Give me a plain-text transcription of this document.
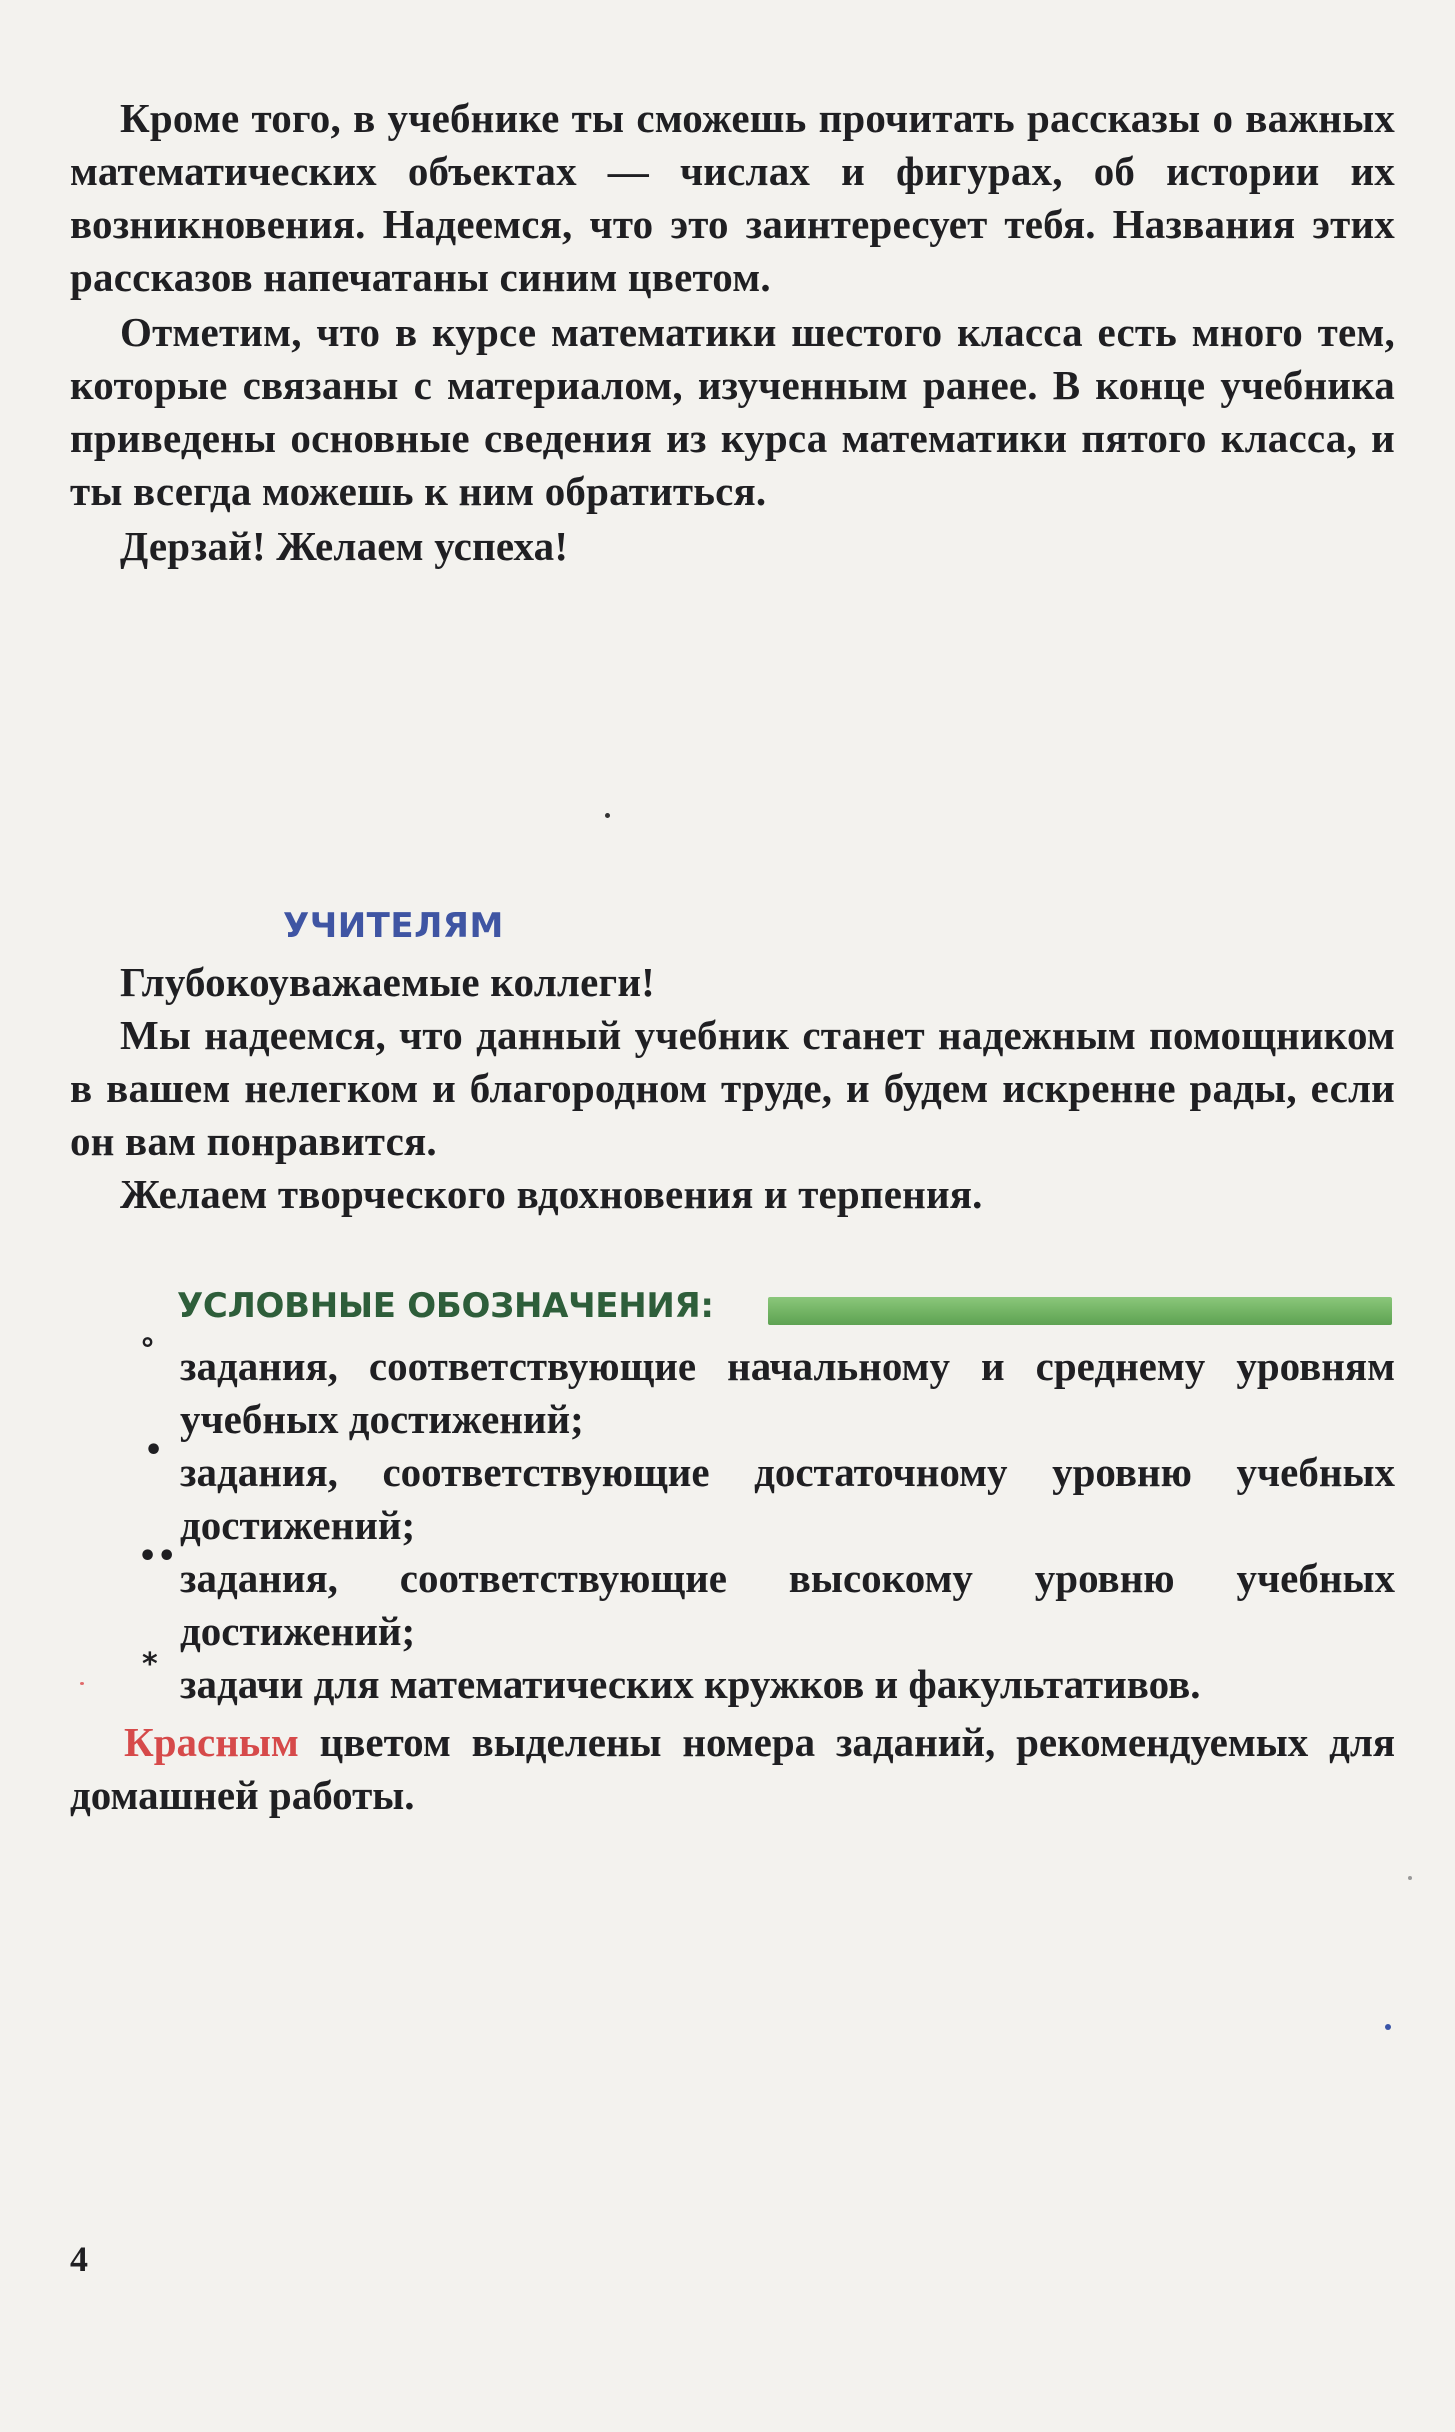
Кроме того, в учебнике ты сможешь прочитать рассказы о важных математических объектах — числах и фигурах, об истории их возникновения. Надеемся, что это заинтересует тебя. Названия этих рассказов напечатаны синим цветом.

Отметим, что в курсе математики шестого класса есть много тем, которые связаны с материалом, изученным ранее. В конце учебника приведены основные сведения из курса математики пятого класса, и ты всегда можешь к ним обратиться.

Дерзай! Желаем успеха!

УЧИТЕЛЯМ

Глубокоуважаемые коллеги!

Мы надеемся, что данный учебник станет надежным помощником в вашем нелегком и благородном труде, и будем искренне рады, если он вам понравится.

Желаем творческого вдохновения и терпения.

УСЛОВНЫЕ ОБОЗНАЧЕНИЯ:
° задания, соответствующие начальному и среднему уровням учебных достижений;
• задания, соответствующие достаточному уровню учебных достижений;
•• задания, соответствующие высокому уровню учебных достижений;
* задачи для математических кружков и факультативов.
Красным цветом выделены номера заданий, рекомендуемых для домашней работы.
4
